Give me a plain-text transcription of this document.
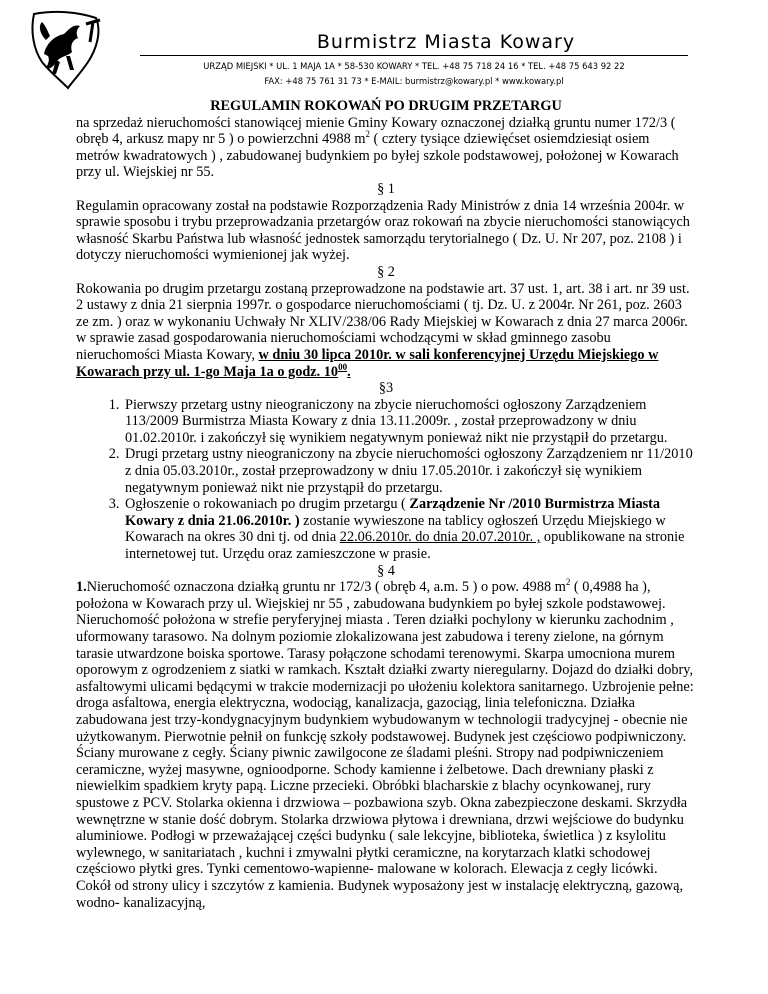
Burmistrz Miasta Kowary
URZĄD MIEJSKI * UL. 1 MAJA 1A * 58-530 KOWARY * TEL. +48 75 718 24 16 * TEL. +48 75 643 92 22
FAX: +48 75 761 31 73 * E-MAIL: burmistrz@kowary.pl * www.kowary.pl

REGULAMIN ROKOWAŃ PO DRUGIM PRZETARGU

na sprzedaż nieruchomości stanowiącej mienie Gminy Kowary oznaczonej działką gruntu numer 172/3 ( obręb 4, arkusz mapy nr 5 ) o powierzchni 4988 $m^2$ ( cztery tysiące dziewięćset osiemdziesiąt osiem metrów kwadratowych ) , zabudowanej budynkiem po byłej szkole podstawowej, położonej w Kowarach przy ul. Wiejskiej nr 55.

§ 1

Regulamin opracowany został na podstawie Rozporządzenia Rady Ministrów z dnia 14 września 2004r. w sprawie sposobu i trybu przeprowadzania przetargów oraz rokowań na zbycie nieruchomości stanowiących własność Skarbu Państwa lub własność jednostek samorządu terytorialnego ( Dz. U. Nr 207, poz. 2108 ) i dotyczy nieruchomości wymienionej jak wyżej.

§ 2

Rokowania po drugim przetargu zostaną przeprowadzone na podstawie art. 37 ust. 1, art. 38 i art. nr 39 ust. 2 ustawy z dnia 21 sierpnia 1997r. o gospodarce nieruchomościami ( tj. Dz. U. z 2004r. Nr 261, poz. 2603 ze zm. ) oraz w wykonaniu Uchwały Nr XLIV/238/06 Rady Miejskiej w Kowarach z dnia 27 marca 2006r. w sprawie zasad gospodarowania nieruchomościami wchodzącymi w skład gminnego zasobu nieruchomości Miasta Kowary, w dniu 30 lipca 2010r. w sali konferencyjnej Urzędu Miejskiego w Kowarach przy ul. 1-go Maja 1a o godz. $10^{00}$.

§3

1. Pierwszy przetarg ustny nieograniczony na zbycie nieruchomości ogłoszony Zarządzeniem 113/2009 Burmistrza Miasta Kowary z dnia 13.11.2009r. , został przeprowadzony w dniu 01.02.2010r. i zakończył się wynikiem negatywnym ponieważ nikt nie przystąpił do przetargu.
2. Drugi przetarg ustny nieograniczony na zbycie nieruchomości ogłoszony Zarządzeniem nr 11/2010 z dnia 05.03.2010r., został przeprowadzony w dniu 17.05.2010r. i zakończył się wynikiem negatywnym ponieważ nikt nie przystąpił do przetargu.
3. Ogłoszenie o rokowaniach po drugim przetargu ( Zarządzenie Nr /2010 Burmistrza Miasta Kowary z dnia 21.06.2010r. ) zostanie wywieszone na tablicy ogłoszeń Urzędu Miejskiego w Kowarach na okres 30 dni tj. od dnia 22.06.2010r. do dnia 20.07.2010r. , opublikowane na stronie internetowej tut. Urzędu oraz zamieszczone w prasie.

§ 4

1.Nieruchomość oznaczona działką gruntu nr 172/3 ( obręb 4, a.m. 5 ) o pow. 4988 $m^2$ ( 0,4988 ha ), położona w Kowarach przy ul. Wiejskiej nr 55 , zabudowana budynkiem po byłej szkole podstawowej. Nieruchomość położona w strefie peryferyjnej miasta . Teren działki pochylony w kierunku zachodnim , uformowany tarasowo. Na dolnym poziomie zlokalizowana jest zabudowa i tereny zielone, na górnym tarasie utwardzone boiska sportowe. Tarasy połączone schodami terenowymi. Skarpa umocniona murem oporowym z ogrodzeniem z siatki w ramkach. Kształt działki zwarty nieregularny. Dojazd do działki dobry, asfaltowymi ulicami będącymi w trakcie modernizacji po ułożeniu kolektora sanitarnego. Uzbrojenie pełne: droga asfaltowa, energia elektryczna, wodociąg, kanalizacja, gazociąg, linia telefoniczna. Działka zabudowana jest trzy-kondygnacyjnym budynkiem wybudowanym w technologii tradycyjnej - obecnie nie użytkowanym. Pierwotnie pełnił on funkcję szkoły podstawowej. Budynek jest częściowo podpiwniczony. Ściany murowane z cegły. Ściany piwnic zawilgocone ze śladami pleśni. Stropy nad podpiwniczeniem ceramiczne, wyżej masywne, ognioodporne. Schody kamienne i żelbetowe. Dach drewniany płaski z niewielkim spadkiem kryty papą. Liczne przecieki. Obróbki blacharskie z blachy ocynkowanej, rury spustowe z PCV. Stolarka okienna i drzwiowa – pozbawiona szyb. Okna zabezpieczone deskami. Skrzydła wewnętrzne w stanie dość dobrym. Stolarka drzwiowa płytowa i drewniana, drzwi wejściowe do budynku aluminiowe. Podłogi w przeważającej części budynku ( sale lekcyjne, biblioteka, świetlica ) z ksylolitu wylewnego, w sanitariatach , kuchni i zmywalni płytki ceramiczne, na korytarzach klatki schodowej częściowo płytki gres. Tynki cementowo-wapienne- malowane w kolorach. Elewacja z cegły licówki. Cokół od strony ulicy i szczytów z kamienia. Budynek wyposażony jest w instalację elektryczną, gazową, wodno- kanalizacyjną,
